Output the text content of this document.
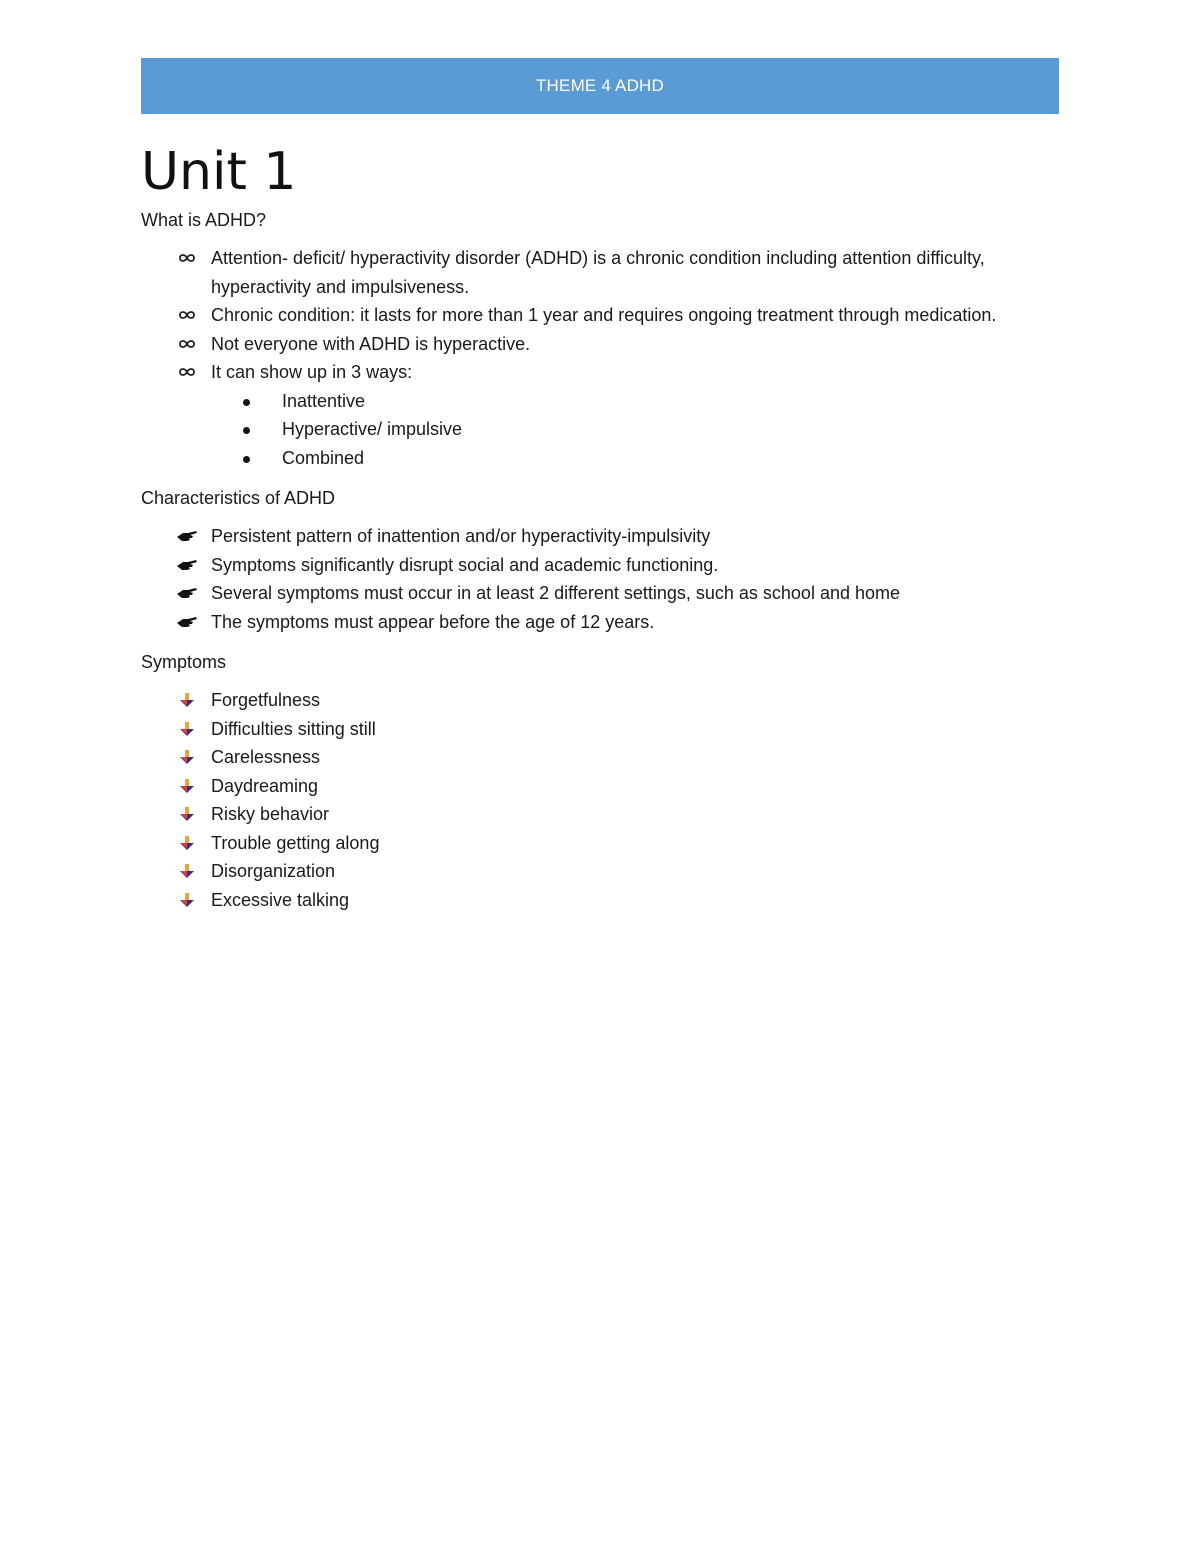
THEME 4 ADHD
Unit 1

What is ADHD?

Attention- deficit/ hyperactivity disorder (ADHD) is a chronic condition including attention difficulty, hyperactivity and impulsiveness.
Chronic condition: it lasts for more than 1 year and requires ongoing treatment through medication.
Not everyone with ADHD is hyperactive.
It can show up in 3 ways:
Inattentive
Hyperactive/ impulsive
Combined

Characteristics of ADHD

Persistent pattern of inattention and/or hyperactivity-impulsivity
Symptoms significantly disrupt social and academic functioning.
Several symptoms must occur in at least 2 different settings, such as school and home
The symptoms must appear before the age of 12 years.

Symptoms

Forgetfulness
Difficulties sitting still
Carelessness
Daydreaming
Risky behavior
Trouble getting along
Disorganization
Excessive talking
